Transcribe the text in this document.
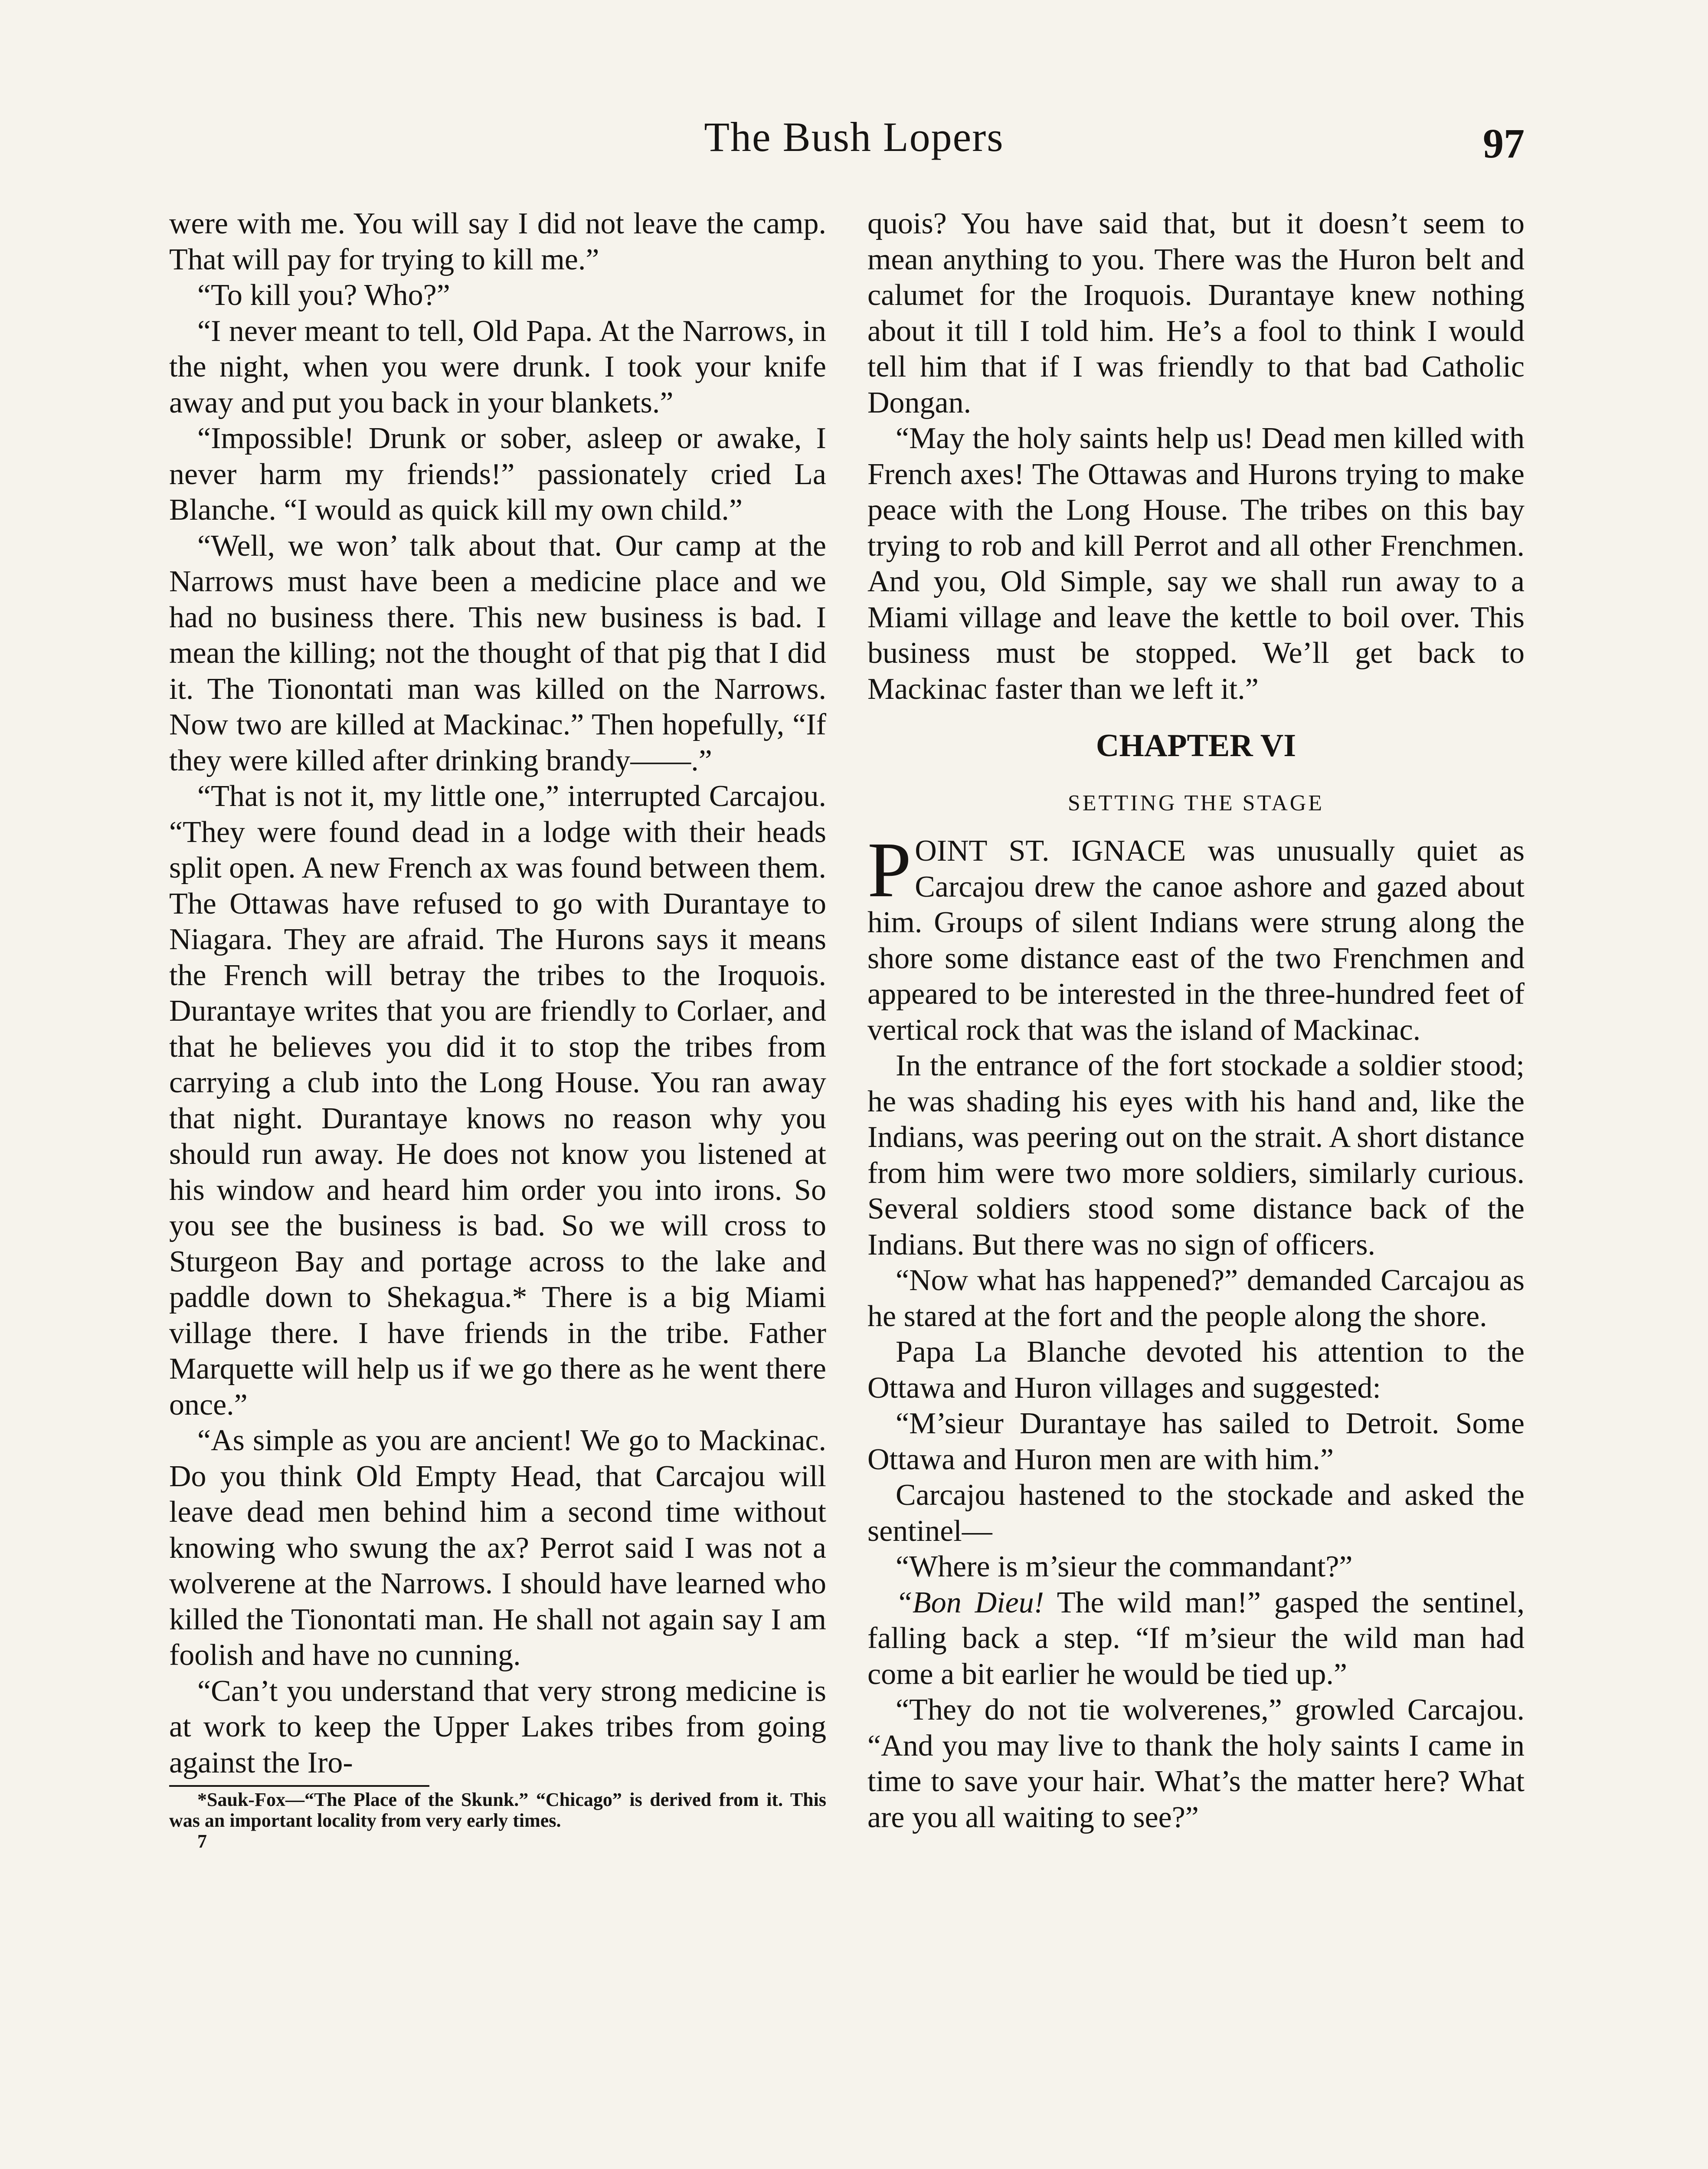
The Bush Lopers	97

were with me. You will say I did not leave the camp. That will pay for trying to kill me.”

“To kill you? Who?”

“I never meant to tell, Old Papa. At the Narrows, in the night, when you were drunk. I took your knife away and put you back in your blankets.”

“Impossible! Drunk or sober, asleep or awake, I never harm my friends!” passionately cried La Blanche. “I would as quick kill my own child.”

“Well, we won’ talk about that. Our camp at the Narrows must have been a medicine place and we had no business there. This new business is bad. I mean the killing; not the thought of that pig that I did it. The Tionontati man was killed on the Narrows. Now two are killed at Mackinac.” Then hopefully, “If they were killed after drinking brandy——.”

“That is not it, my little one,” interrupted Carcajou. “They were found dead in a lodge with their heads split open. A new French ax was found between them. The Ottawas have refused to go with Durantaye to Niagara. They are afraid. The Hurons says it means the French will betray the tribes to the Iroquois. Durantaye writes that you are friendly to Corlaer, and that he believes you did it to stop the tribes from carrying a club into the Long House. You ran away that night. Durantaye knows no reason why you should run away. He does not know you listened at his window and heard him order you into irons. So you see the business is bad. So we will cross to Sturgeon Bay and portage across to the lake and paddle down to Shekagua.* There is a big Miami village there. I have friends in the tribe. Father Marquette will help us if we go there as he went there once.”

“As simple as you are ancient! We go to Mackinac. Do you think Old Empty Head, that Carcajou will leave dead men behind him a second time without knowing who swung the ax? Perrot said I was not a wolverene at the Narrows. I should have learned who killed the Tionontati man. He shall not again say I am foolish and have no cunning.

“Can’t you understand that very strong medicine is at work to keep the Upper Lakes tribes from going against the Iro-

*Sauk-Fox—“The Place of the Skunk.” “Chicago” is derived from it. This was an important locality from very early times.

7

quois? You have said that, but it doesn’t seem to mean anything to you. There was the Huron belt and calumet for the Iroquois. Durantaye knew nothing about it till I told him. He’s a fool to think I would tell him that if I was friendly to that bad Catholic Dongan.

“May the holy saints help us! Dead men killed with French axes! The Ottawas and Hurons trying to make peace with the Long House. The tribes on this bay trying to rob and kill Perrot and all other Frenchmen. And you, Old Simple, say we shall run away to a Miami village and leave the kettle to boil over. This business must be stopped. We’ll get back to Mackinac faster than we left it.”

CHAPTER VI
SETTING THE STAGE

POINT ST. IGNACE was unusually quiet as Carcajou drew the canoe ashore and gazed about him. Groups of silent Indians were strung along the shore some distance east of the two Frenchmen and appeared to be interested in the three-hundred feet of vertical rock that was the island of Mackinac.

In the entrance of the fort stockade a soldier stood; he was shading his eyes with his hand and, like the Indians, was peering out on the strait. A short distance from him were two more soldiers, similarly curious. Several soldiers stood some distance back of the Indians. But there was no sign of officers.

“Now what has happened?” demanded Carcajou as he stared at the fort and the people along the shore.

Papa La Blanche devoted his attention to the Ottawa and Huron villages and suggested:

“M’sieur Durantaye has sailed to Detroit. Some Ottawa and Huron men are with him.”

Carcajou hastened to the stockade and asked the sentinel—

“Where is m’sieur the commandant?”

“Bon Dieu! The wild man!” gasped the sentinel, falling back a step. “If m’sieur the wild man had come a bit earlier he would be tied up.”

“They do not tie wolverenes,” growled Carcajou. “And you may live to thank the holy saints I came in time to save your hair. What’s the matter here? What are you all waiting to see?”
